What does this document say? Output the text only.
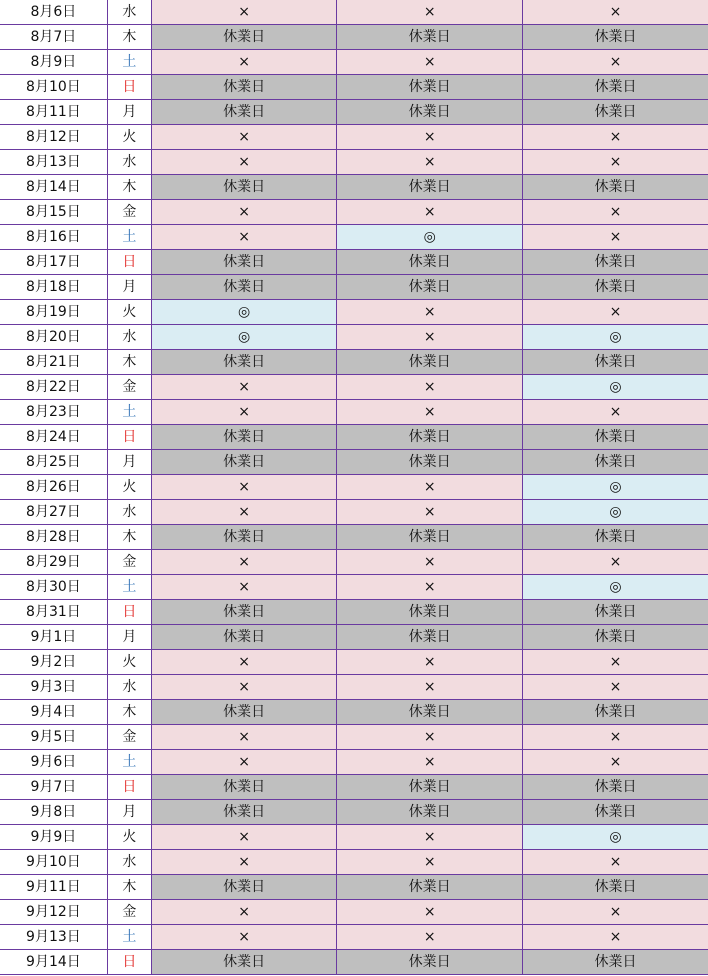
8月6日	水	×	×	×
8月7日	木	休業日	休業日	休業日
8月9日	土	×	×	×
8月10日	日	休業日	休業日	休業日
8月11日	月	休業日	休業日	休業日
8月12日	火	×	×	×
8月13日	水	×	×	×
8月14日	木	休業日	休業日	休業日
8月15日	金	×	×	×
8月16日	土	×	◎	×
8月17日	日	休業日	休業日	休業日
8月18日	月	休業日	休業日	休業日
8月19日	火	◎	×	×
8月20日	水	◎	×	◎
8月21日	木	休業日	休業日	休業日
8月22日	金	×	×	◎
8月23日	土	×	×	×
8月24日	日	休業日	休業日	休業日
8月25日	月	休業日	休業日	休業日
8月26日	火	×	×	◎
8月27日	水	×	×	◎
8月28日	木	休業日	休業日	休業日
8月29日	金	×	×	×
8月30日	土	×	×	◎
8月31日	日	休業日	休業日	休業日
9月1日	月	休業日	休業日	休業日
9月2日	火	×	×	×
9月3日	水	×	×	×
9月4日	木	休業日	休業日	休業日
9月5日	金	×	×	×
9月6日	土	×	×	×
9月7日	日	休業日	休業日	休業日
9月8日	月	休業日	休業日	休業日
9月9日	火	×	×	◎
9月10日	水	×	×	×
9月11日	木	休業日	休業日	休業日
9月12日	金	×	×	×
9月13日	土	×	×	×
9月14日	日	休業日	休業日	休業日
